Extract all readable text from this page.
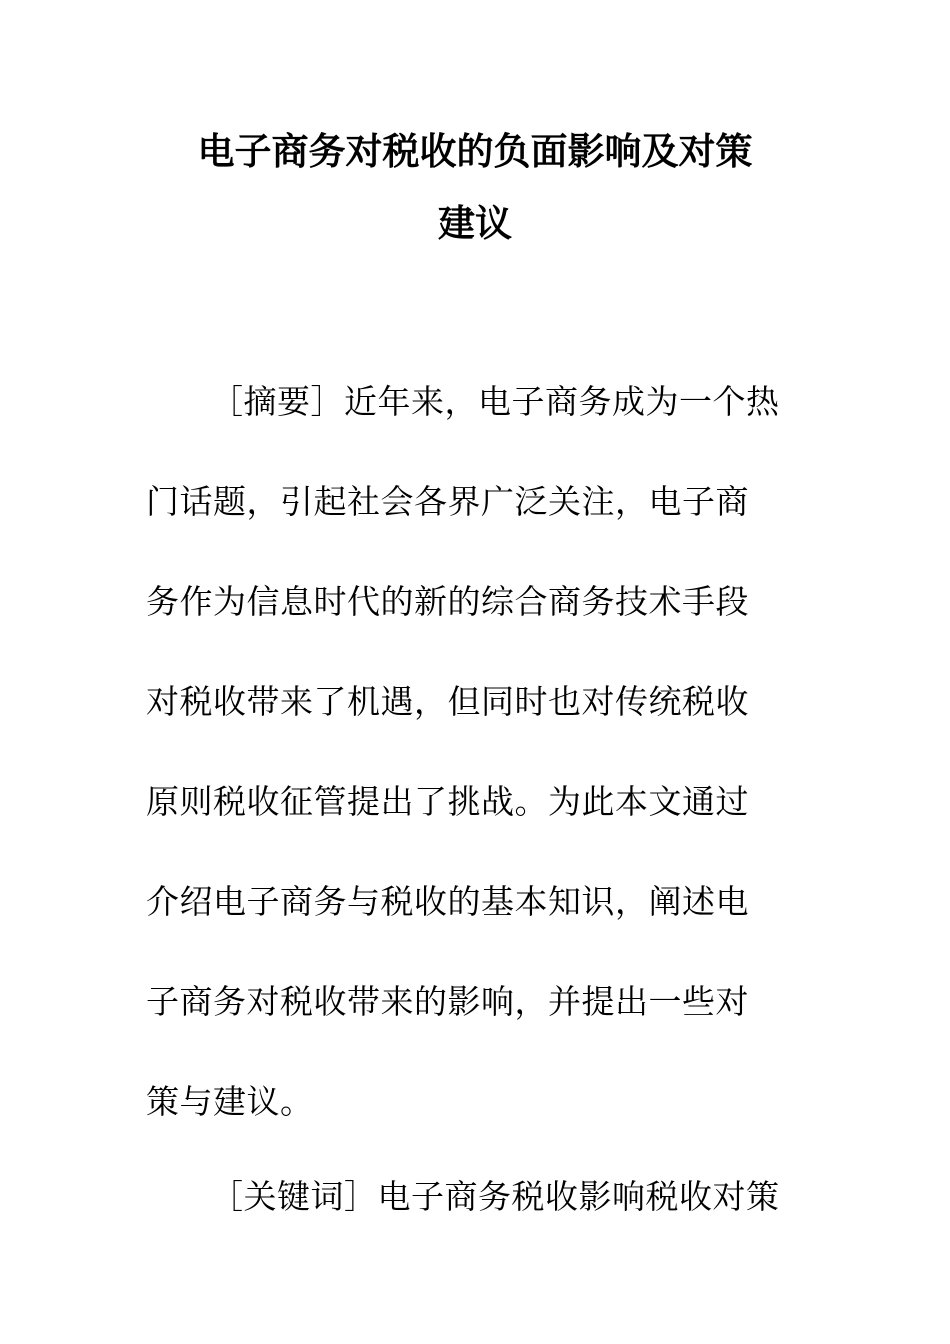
电子商务对税收的负面影响及对策
建议
［摘要］近年来，电子商务成为一个热
门话题，引起社会各界广泛关注，电子商
务作为信息时代的新的综合商务技术手段
对税收带来了机遇，但同时也对传统税收
原则税收征管提出了挑战。为此本文通过
介绍电子商务与税收的基本知识，阐述电
子商务对税收带来的影响，并提出一些对
策与建议。
［关键词］电子商务税收影响税收对策
